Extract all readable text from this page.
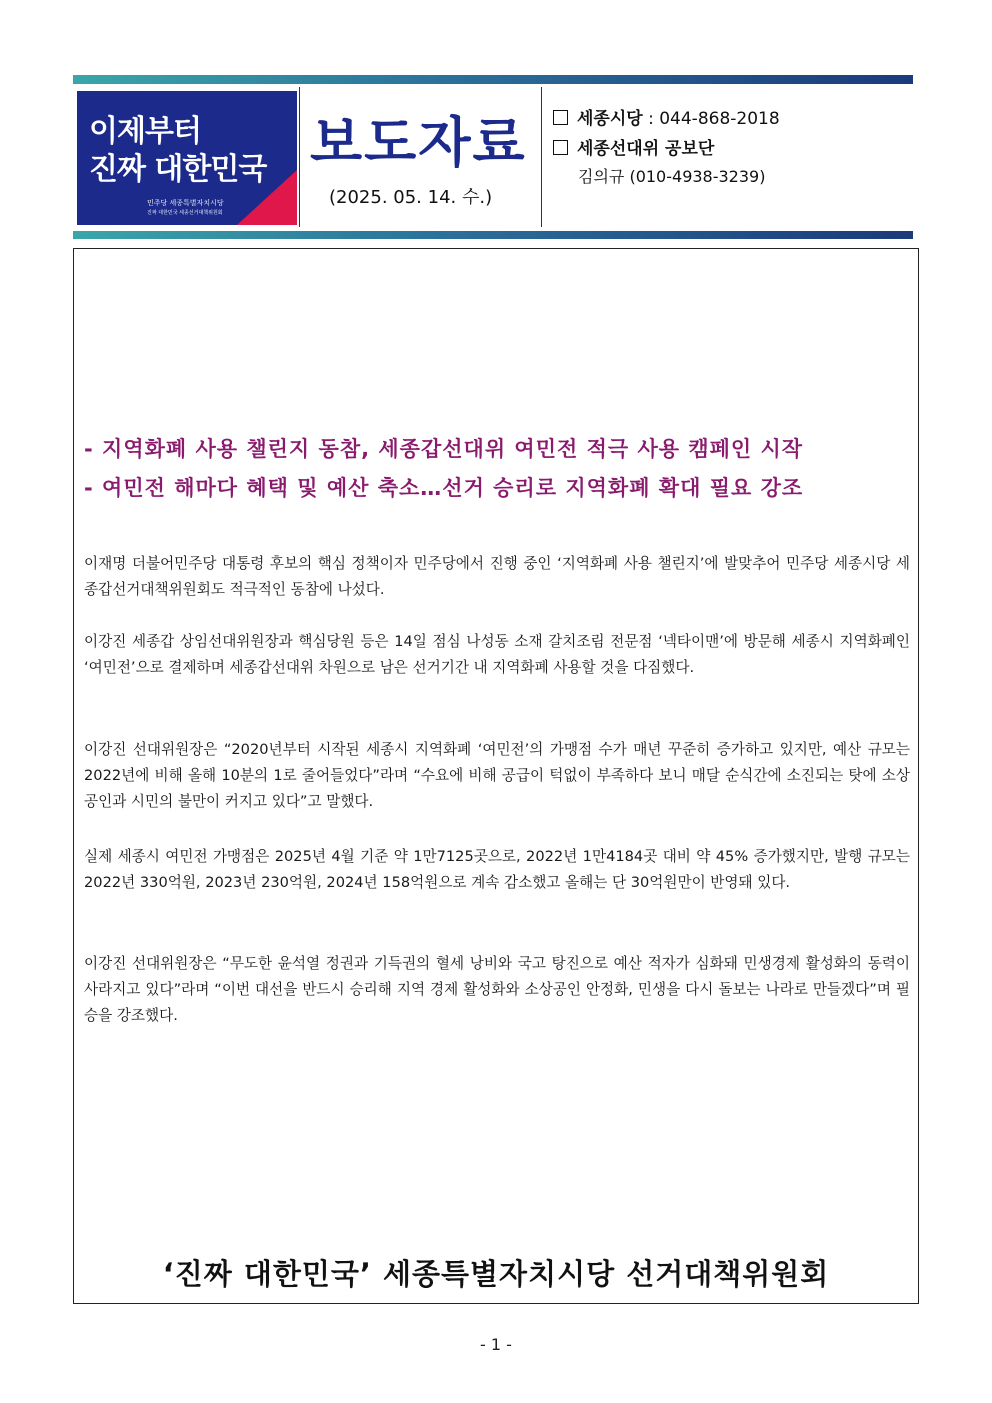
이제부터
진짜 대한민국
민주당 세종특별자치시당
진짜 대한민국 세종선거대책위원회
보도자료
(2025. 05. 14. 수.)
세종시당 : 044-868-2018
세종선대위 공보단
김의규 (010-4938-3239)
- 지역화폐 사용 챌린지 동참, 세종갑선대위 여민전 적극 사용 캠페인 시작
- 여민전 해마다 혜택 및 예산 축소…선거 승리로 지역화폐 확대 필요 강조
이재명 더불어민주당 대통령 후보의 핵심 정책이자 민주당에서 진행 중인 ‘지역화폐 사용 챌린지’에 발맞추어 민주당 세종시당 세종갑선거대책위원회도 적극적인 동참에 나섰다.
이강진 세종갑 상임선대위원장과 핵심당원 등은 14일 점심 나성동 소재 갈치조림 전문점 ‘넥타이맨’에 방문해 세종시 지역화폐인 ‘여민전’으로 결제하며 세종갑선대위 차원으로 남은 선거기간 내 지역화폐 사용할 것을 다짐했다.
이강진 선대위원장은 “2020년부터 시작된 세종시 지역화폐 ‘여민전’의 가맹점 수가 매년 꾸준히 증가하고 있지만, 예산 규모는 2022년에 비해 올해 10분의 1로 줄어들었다”라며 “수요에 비해 공급이 턱없이 부족하다 보니 매달 순식간에 소진되는 탓에 소상공인과 시민의 불만이 커지고 있다”고 말했다.
실제 세종시 여민전 가맹점은 2025년 4월 기준 약 1만7125곳으로, 2022년 1만4184곳 대비 약 45% 증가했지만, 발행 규모는 2022년 330억원, 2023년 230억원, 2024년 158억원으로 계속 감소했고 올해는 단 30억원만이 반영돼 있다.
이강진 선대위원장은 “무도한 윤석열 정권과 기득권의 혈세 낭비와 국고 탕진으로 예산 적자가 심화돼 민생경제 활성화의 동력이 사라지고 있다”라며 “이번 대선을 반드시 승리해 지역 경제 활성화와 소상공인 안정화, 민생을 다시 돌보는 나라로 만들겠다”며 필승을 강조했다.
‘진짜 대한민국’ 세종특별자치시당 선거대책위원회
- 1 -
